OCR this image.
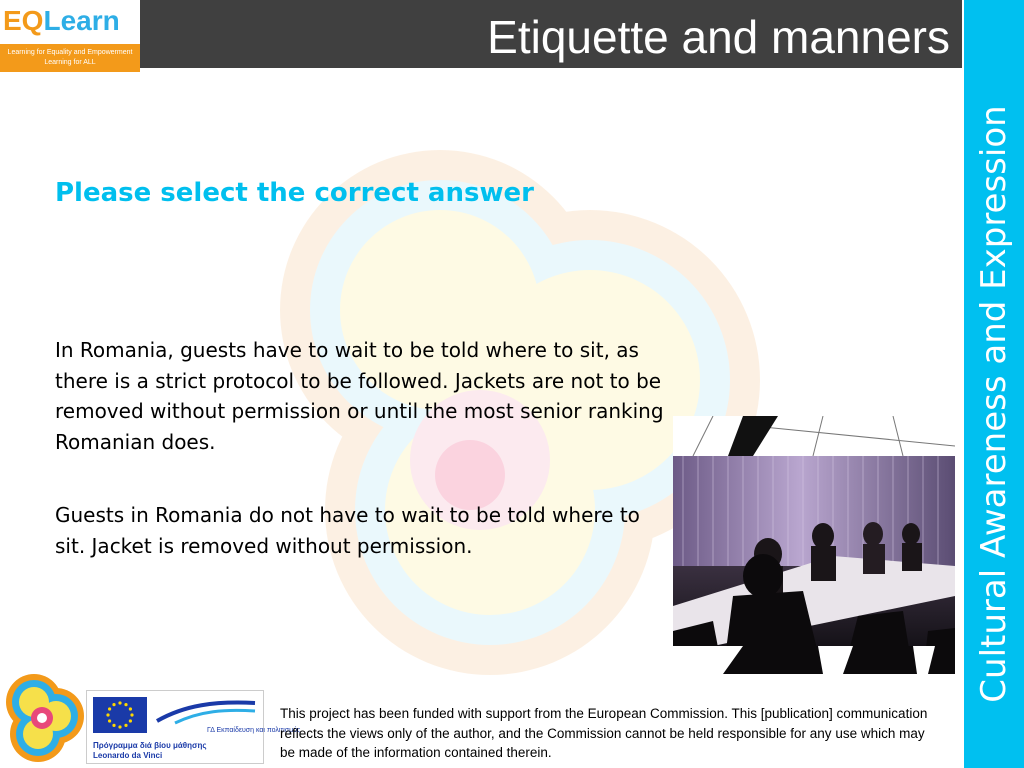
Etiquette and manners
EQLearn
Learning for Equality and Empowerment
Learning for ALL
Cultural Awareness and Expression
Please select the correct answer
In Romania, guests have to wait to be told where to sit, as there is a strict protocol to be followed. Jackets are not to be removed without permission or until the most senior ranking Romanian does.
Guests in Romania do not have to wait to be told where to sit. Jacket is removed without permission.
ΓΔ Εκπαίδευση και πολιτισμός
Πρόγραμμα διά βίου μάθησης
Leonardo da Vinci
This project has been funded with support from the European Commission. This [publication] communication reflects the views only of the author, and the Commission cannot be held responsible for any use which may be made of the information contained therein.
